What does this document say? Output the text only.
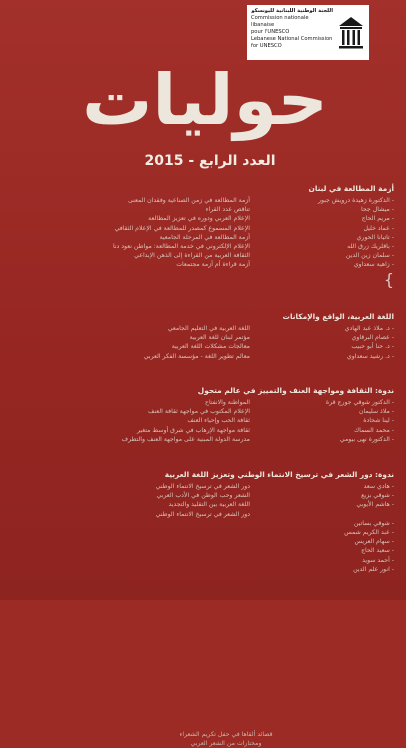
اللجنة الوطنية اللبنانية لليونسكو
Commission nationale libanaise
pour l'UNESCO
Lebanese National Commission
for UNESCO
حوليات
العدد الرابع - 2015
أزمة المطالعة في لبنان
- الدكتورة زهيدة درويش جبور
- ميشال جحا
- مريم الحاج
- عماد خليل
- تاتيانا الحوري
- باقلريك زرق الله
- سلمان زين الدين
- زاهية سعداوي
أزمة المطالعة في زمن الصناعية وفقدان المعنى
تناقص عدد القراء
الإعلام العربي ودوره في تعزيز المطالعة
الإعلام المسموع كمصدر للمطالعة في الإعلام الثقافي
أزمة المطالعة في المرحلة الجامعية
الإعلام الإلكتروني في خدمة المطالعة: مواطن نعود دنا
الثقافة العربية من القراءة إلى الذهن الإبداعي
أزمة قراءة أم أزمة مجتمعات
}
اللغة العربية، الواقع والإمكانات
- د. ملاذ عبد الهادي
- عصام البرقاوي
- د. حنا أبو حبيب
- د. رشيد سعداوي
اللغة العربية في التعليم الجامعي
مؤتمر لبنان للغة العربية
معالجات مشكلات اللغة العربية
معالم تطوير اللغة - مؤسسة الفكر العربي
ندوة: الثقافة ومواجهة العنف والتمييز في عالم متحول
- الدكتور شوقي جورج قرة
- ملاذ سليمان
- لينا شحادة
- محمد السماك
- الدكتورة نهى بيومي
المواطنة والانفتاح
الإعلام المكتوب في مواجهة ثقافة العنف
ثقافة الحب وإحياء العنف
ثقافة مواجهة الإرهاب في شرق أوسط متغير
مدرسة الدولة المبنية على مواجهة العنف والتطرف
ندوة: دور الشعر في ترسيخ الانتماء الوطني وتعزيز اللغة العربية
- هادي سعد
- شوقي بزيع
- هاشم الأيوبي
- شوقي بساتين
- عبد الكريم شمس
- سهام العريس
- سعيد الحاج
- أحمد سويد
- انور علم الدين
دور الشعر في ترسيخ الانتماء الوطني
الشعر وحب الوطن في الأدب العربي
اللغة العربية بين التقليد والتجديد
دور الشعر في ترسيخ الانتماء الوطني
قصائد ألقاها في حفل تكريم الشعراء
ومختارات من الشعر العربي
